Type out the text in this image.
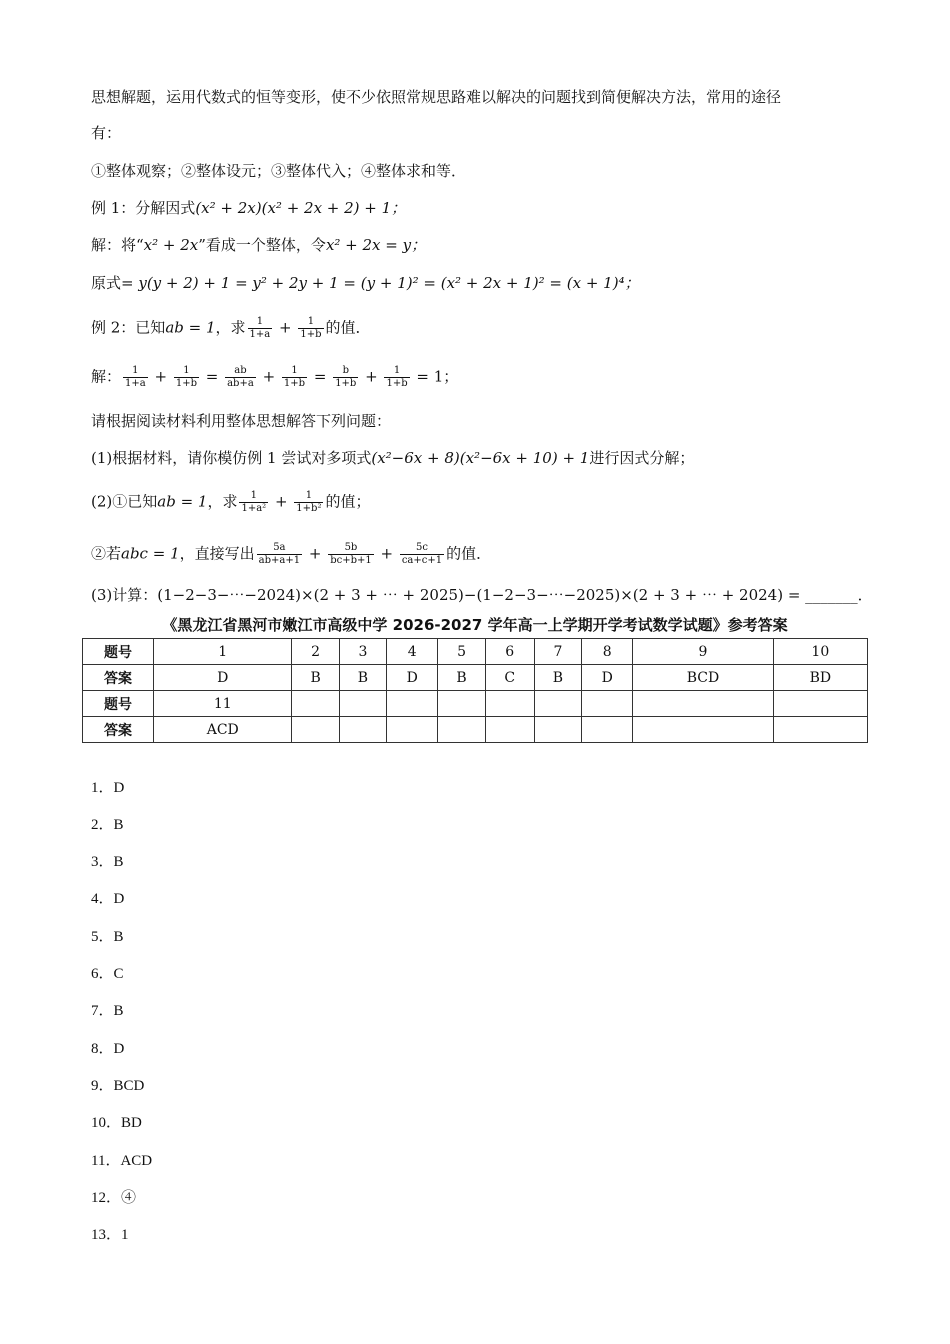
思想解题，运用代数式的恒等变形，使不少依照常规思路难以解决的问题找到简便解决方法，常用的途径
有：
①整体观察；②整体设元；③整体代入；④整体求和等．
例 1：分解因式(x² + 2x)(x² + 2x + 2) + 1；
解：将“x² + 2x”看成一个整体，令x² + 2x = y；
原式= y(y + 2) + 1 = y² + 2y + 1 = (y + 1)² = (x² + 2x + 1)² = (x + 1)⁴；
例 2：已知ab = 1，求 $\frac{1}{1+a} + \frac{1}{1+b}$ 的值．
解： $\frac{1}{1+a} + \frac{1}{1+b} = \frac{ab}{ab+a} + \frac{1}{1+b} = \frac{b}{1+b} + \frac{1}{1+b} = 1$；
请根据阅读材料利用整体思想解答下列问题：
(1)根据材料，请你模仿例 1 尝试对多项式(x²−6x + 8)(x²−6x + 10) + 1进行因式分解；
(2)①已知ab = 1，求 $\frac{1}{\text{1+a²}} + \frac{1}{\text{1+b²}}$ 的值；
②若abc = 1，直接写出 $\frac{5a}{ab+a+1} + \frac{5b}{bc+b+1} + \frac{5c}{ca+c+1}$ 的值．
(3)计算：(1−2−3−⋯−2024)×(2 + 3 + ⋯ + 2025)−(1−2−3−⋯−2025)×(2 + 3 + ⋯ + 2024) = _______．
《黑龙江省黑河市嫩江市高级中学 2026-2027 学年高一上学期开学考试数学试题》参考答案
题号	1	2	3	4	5	6	7	8	9	10
答案	D	B	B	D	B	C	B	D	BCD	BD
题号	11									
答案	ACD									
1．D
2．B
3．B
4．D
5．B
6．C
7．B
8．D
9．BCD
10．BD
11．ACD
12．④
13．1
